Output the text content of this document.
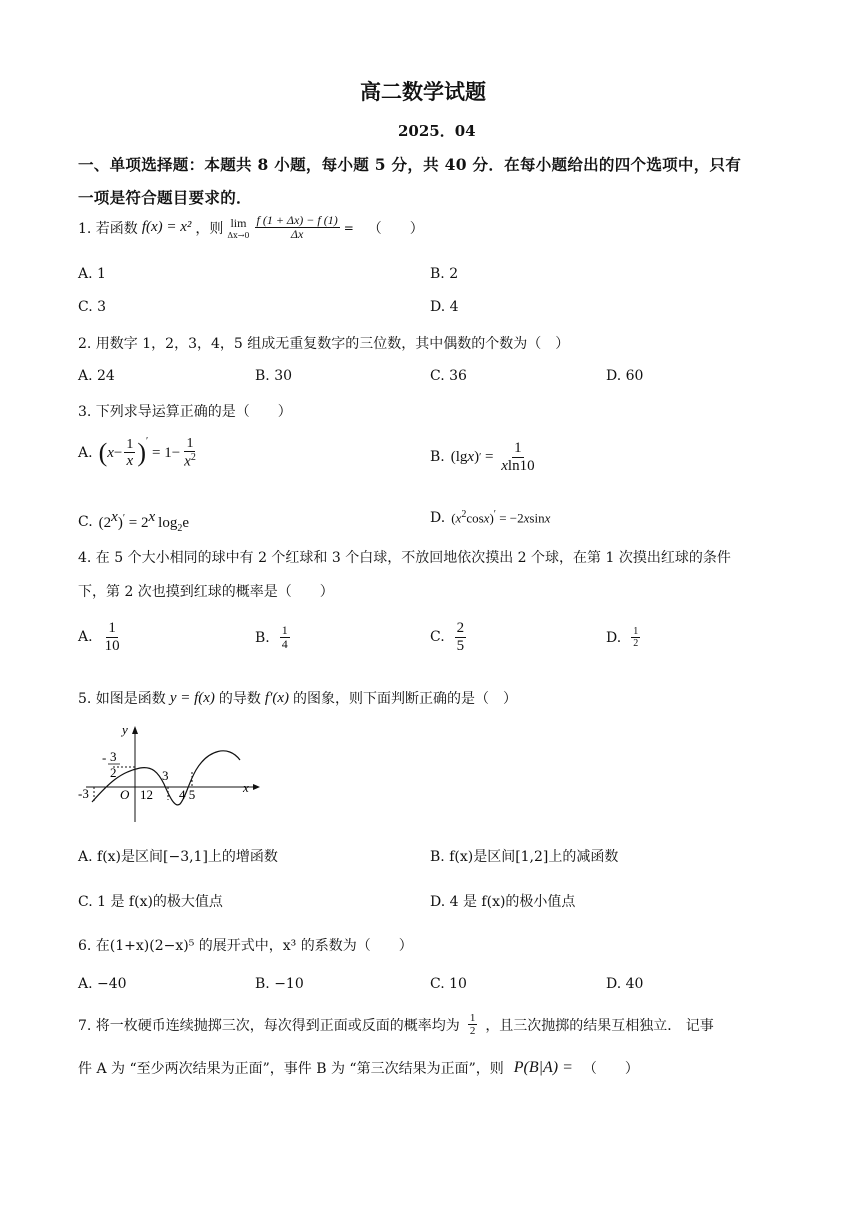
高二数学试题
2025．04
一、单项选择题：本题共 8 小题，每小题 5 分，共 40 分．在每小题给出的四个选项中，只有
一项是符合题目要求的．
1. 若函数 f(x) = x² ，则 lim
$\Delta x\to 0 \frac{f (1 + \Delta x) - f (1)}{\Delta x}$ = （　　）
A. 1	B. 2
C. 3	D. 4
2. 用数字 1，2，3，4，5 组成无重复数字的三位数，其中偶数的个数为（　）
A. 24	B. 30	C. 36	D. 60
3. 下列求导运算正确的是（　　）
A. ( $x - \frac{1}{x} )'$
= $1- \frac{1}{x^2}$	B. (lg x ) ′ = $\frac{1}{xln10}$
C. $(2^x)' = 2^x$ $\log_2e$	D. $(x^2\cos x)' = -2xsinx$
4. 在 5 个大小相同的球中有 2 个红球和 3 个白球，不放回地依次摸出 2 个球，在第 1 次摸出红球的条件
下，第 2 次也摸到红球的概率是（　　）
A. $\frac{1}{10}$	B. $\frac{1}{4}$	C. $\frac{2}{5}$	D. $\frac{1}{2}$
5. 如图是函数 y = f(x) 的导数 f′(x) 的图象，则下面判断正确的是（　）
y
x
O
-3
- 3
2
12
3
4 5
A. f(x)是区间[−3,1]上的增函数	B. f(x)是区间[1,2]上的减函数
C. 1 是 f(x)的极大值点	D. 4 是 f(x)的极小值点
6. 在(1+x)(2−x)⁵ 的展开式中，x³ 的系数为（　　）
A. −40	B. −10	C. 10	D. 40
7. 将一枚硬币连续抛掷三次，每次得到正面或反面的概率均为 $\frac{1}{2}$ ，且三次抛掷的结果互相独立． 记事
件 A 为 “至少两次结果为正面”，事件 B 为 “第三次结果为正面”，则 P(B|A) = （　　）
